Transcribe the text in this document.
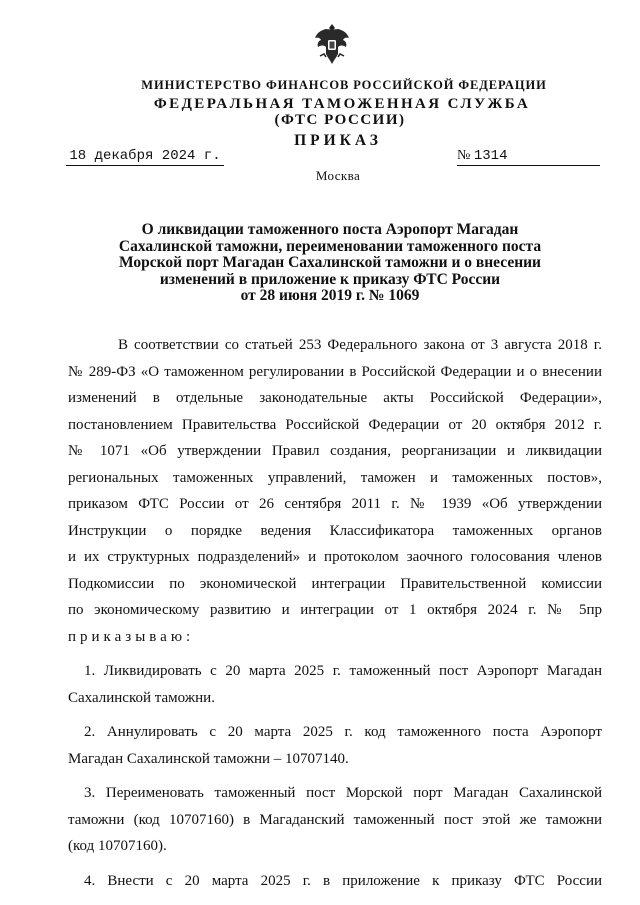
МИНИСТЕРСТВО ФИНАНСОВ РОССИЙСКОЙ ФЕДЕРАЦИИ
ФЕДЕРАЛЬНАЯ ТАМОЖЕННАЯ СЛУЖБА
(ФТС РОССИИ)
ПРИКАЗ
18 декабря 2024 г.	№ 1314
Москва
О ликвидации таможенного поста Аэропорт Магадан
Сахалинской таможни, переименовании таможенного поста
Морской порт Магадан Сахалинской таможни и о внесении
изменений в приложение к приказу ФТС России
от 28 июня 2019 г. № 1069
В соответствии со статьей 253 Федерального закона от 3 августа 2018 г.
№ 289-ФЗ «О таможенном регулировании в Российской Федерации и о внесении
изменений в отдельные законодательные акты Российской Федерации»,
постановлением Правительства Российской Федерации от 20 октября 2012 г.
№ 1071 «Об утверждении Правил создания, реорганизации и ликвидации
региональных таможенных управлений, таможен и таможенных постов»,
приказом ФТС России от 26 сентября 2011 г. № 1939 «Об утверждении
Инструкции о порядке ведения Классификатора таможенных органов
и их структурных подразделений» и протоколом заочного голосования членов
Подкомиссии по экономической интеграции Правительственной комиссии
по экономическому развитию и интеграции от 1 октября 2024 г. № 5пр
приказываю:
1. Ликвидировать с 20 марта 2025 г. таможенный пост Аэропорт Магадан
Сахалинской таможни.
2. Аннулировать с 20 марта 2025 г. код таможенного поста Аэропорт
Магадан Сахалинской таможни – 10707140.
3. Переименовать таможенный пост Морской порт Магадан Сахалинской
таможни (код 10707160) в Магаданский таможенный пост этой же таможни
(код 10707160).
4. Внести с 20 марта 2025 г. в приложение к приказу ФТС России
